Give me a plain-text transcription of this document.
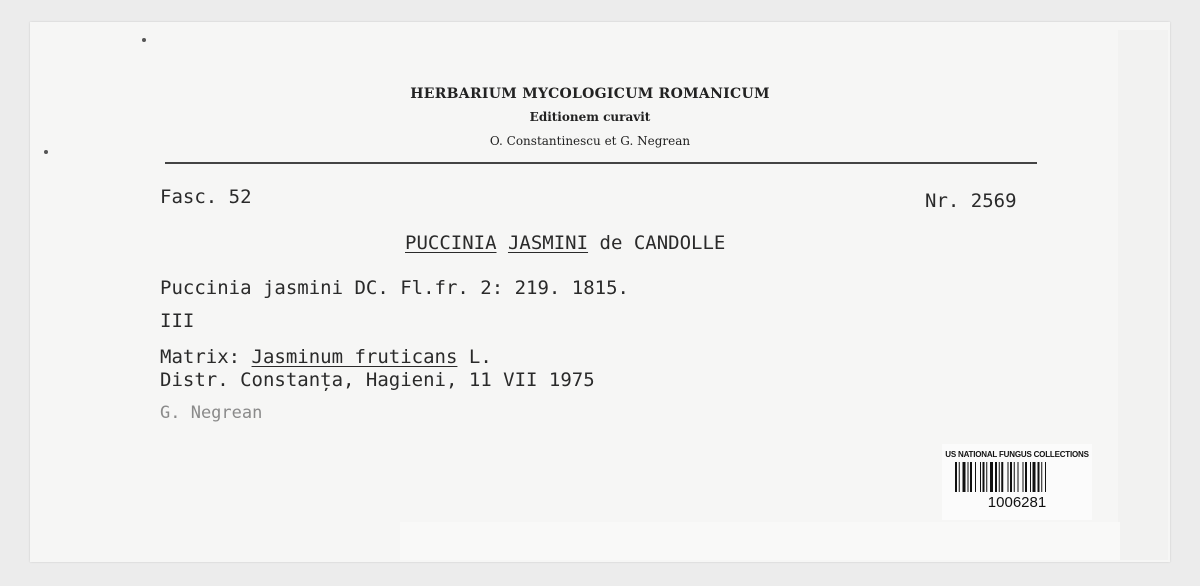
HERBARIUM MYCOLOGICUM ROMANICUM
Editionem curavit
O. Constantinescu et G. Negrean
Fasc. 52	Nr. 2569
PUCCINIA JASMINI de CANDOLLE
Puccinia jasmini DC. Fl.fr. 2: 219. 1815.
III
Matrix: Jasminum fruticans L.
Distr. Constanța, Hagieni, 11 VII 1975
G. Negrean
US NATIONAL FUNGUS COLLECTIONS
1006281
